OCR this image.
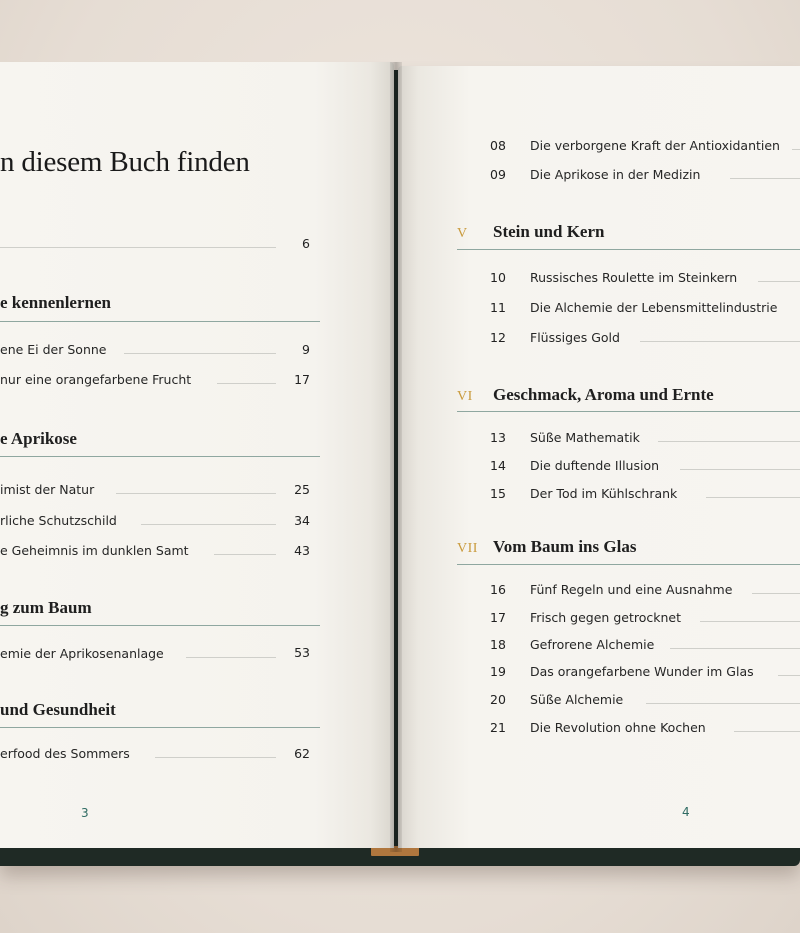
n diesem Buch finden
6
e kennenlernen
ene Ei der Sonne	9
nur eine orangefarbene Frucht	17
e Aprikose
imist der Natur	25
rliche Schutzschild	34
e Geheimnis im dunklen Samt	43
g zum Baum
emie der Aprikosenanlage	53
und Gesundheit
erfood des Sommers	62
3
08 Die verborgene Kraft der Antioxidantien
09 Die Aprikose in der Medizin
V Stein und Kern
10 Russisches Roulette im Steinkern
11 Die Alchemie der Lebensmittelindustrie
12 Flüssiges Gold
VI Geschmack, Aroma und Ernte
13 Süße Mathematik
14 Die duftende Illusion
15 Der Tod im Kühlschrank
VII Vom Baum ins Glas
16 Fünf Regeln und eine Ausnahme
17 Frisch gegen getrocknet
18 Gefrorene Alchemie
19 Das orangefarbene Wunder im Glas
20 Süße Alchemie
21 Die Revolution ohne Kochen
4
